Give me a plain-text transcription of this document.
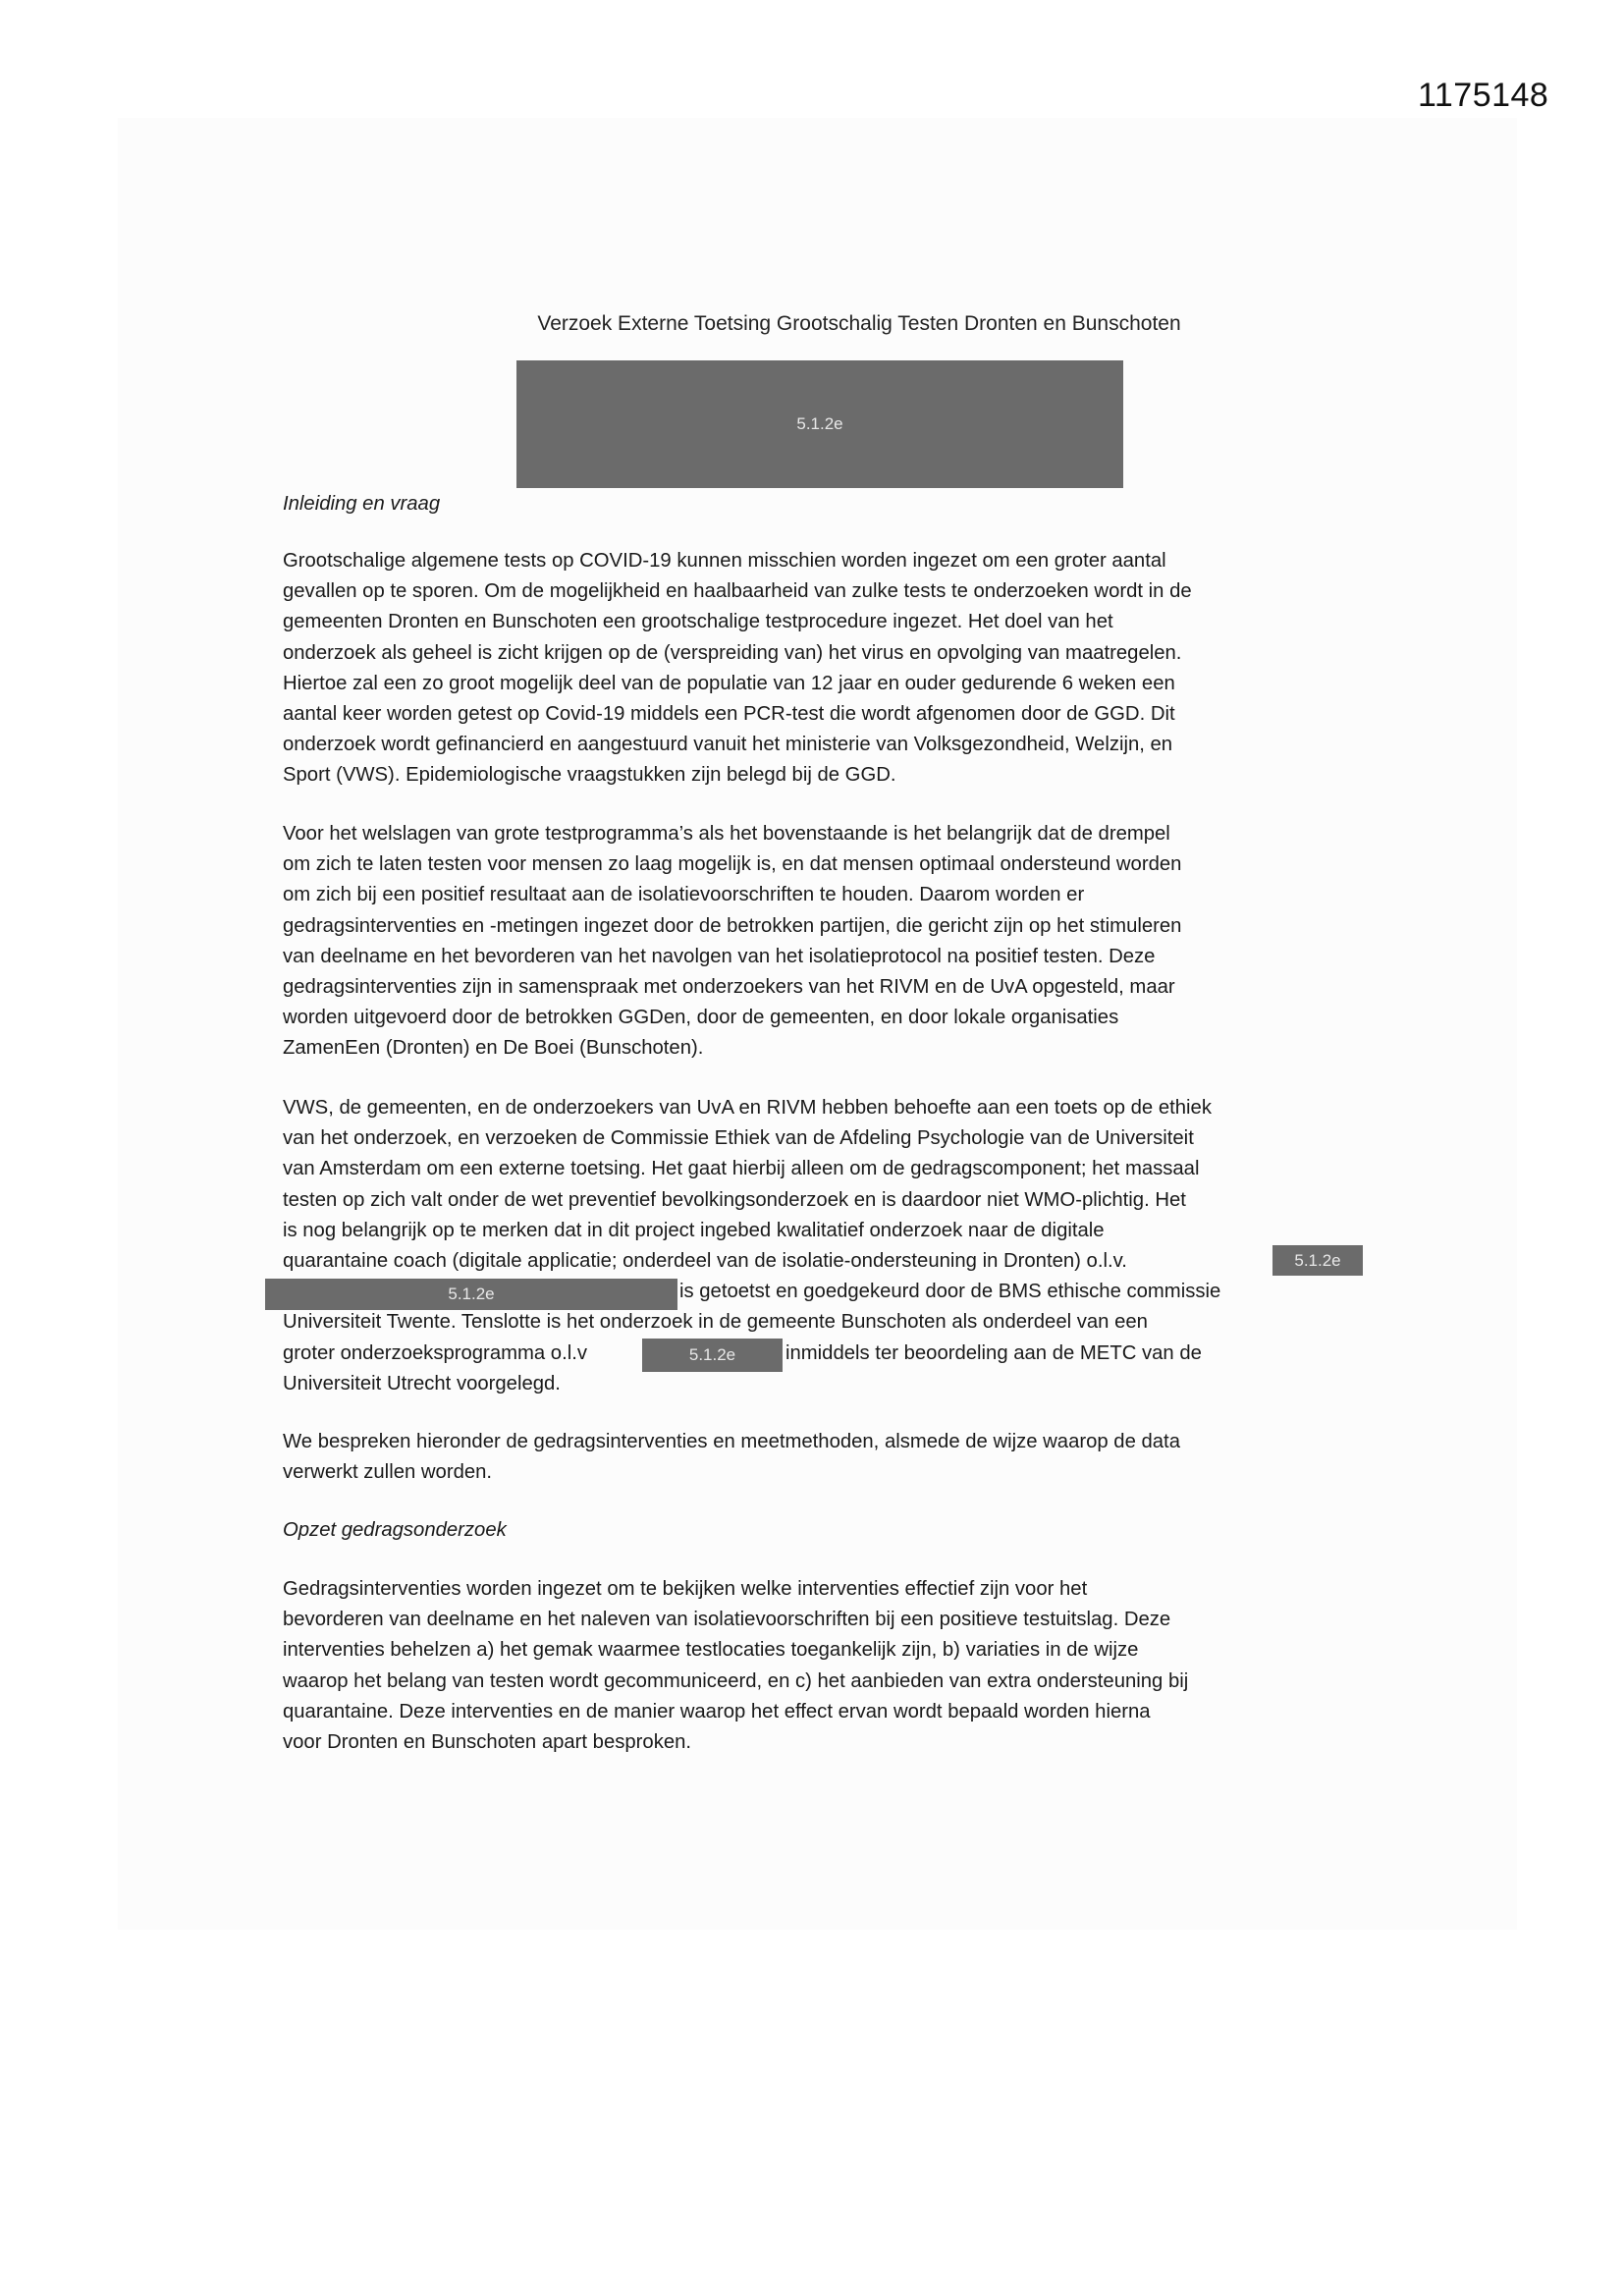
1175148
Verzoek Externe Toetsing Grootschalig Testen Dronten en Bunschoten
5.1.2e
Inleiding en vraag
Grootschalige algemene tests op COVID-19 kunnen misschien worden ingezet om een groter aantal
gevallen op te sporen. Om de mogelijkheid en haalbaarheid van zulke tests te onderzoeken wordt in de
gemeenten Dronten en Bunschoten een grootschalige testprocedure ingezet. Het doel van het
onderzoek als geheel is zicht krijgen op de (verspreiding van) het virus en opvolging van maatregelen.
Hiertoe zal een zo groot mogelijk deel van de populatie van 12 jaar en ouder gedurende 6 weken een
aantal keer worden getest op Covid-19 middels een PCR-test die wordt afgenomen door de GGD. Dit
onderzoek wordt gefinancierd en aangestuurd vanuit het ministerie van Volksgezondheid, Welzijn, en
Sport (VWS). Epidemiologische vraagstukken zijn belegd bij de GGD.
Voor het welslagen van grote testprogramma’s als het bovenstaande is het belangrijk dat de drempel
om zich te laten testen voor mensen zo laag mogelijk is, en dat mensen optimaal ondersteund worden
om zich bij een positief resultaat aan de isolatievoorschriften te houden. Daarom worden er
gedragsinterventies en -metingen ingezet door de betrokken partijen, die gericht zijn op het stimuleren
van deelname en het bevorderen van het navolgen van het isolatieprotocol na positief testen. Deze
gedragsinterventies zijn in samenspraak met onderzoekers van het RIVM en de UvA opgesteld, maar
worden uitgevoerd door de betrokken GGDen, door de gemeenten, en door lokale organisaties
ZamenEen (Dronten) en De Boei (Bunschoten).
VWS, de gemeenten, en de onderzoekers van UvA en RIVM hebben behoefte aan een toets op de ethiek
van het onderzoek, en verzoeken de Commissie Ethiek van de Afdeling Psychologie van de Universiteit
van Amsterdam om een externe toetsing. Het gaat hierbij alleen om de gedragscomponent; het massaal
testen op zich valt onder de wet preventief bevolkingsonderzoek en is daardoor niet WMO-plichtig. Het
is nog belangrijk op te merken dat in dit project ingebed kwalitatief onderzoek naar de digitale
quarantaine coach (digitale applicatie; onderdeel van de isolatie-ondersteuning in Dronten) o.l.v.
is getoetst en goedgekeurd door de BMS ethische commissie
Universiteit Twente. Tenslotte is het onderzoek in de gemeente Bunschoten als onderdeel van een
groter onderzoeksprogramma o.l.v	inmiddels ter beoordeling aan de METC van de
Universiteit Utrecht voorgelegd.
We bespreken hieronder de gedragsinterventies en meetmethoden, alsmede de wijze waarop de data
verwerkt zullen worden.
Gedragsinterventies worden ingezet om te bekijken welke interventies effectief zijn voor het
bevorderen van deelname en het naleven van isolatievoorschriften bij een positieve testuitslag. Deze
interventies behelzen a) het gemak waarmee testlocaties toegankelijk zijn, b) variaties in de wijze
waarop het belang van testen wordt gecommuniceerd, en c) het aanbieden van extra ondersteuning bij
quarantaine. Deze interventies en de manier waarop het effect ervan wordt bepaald worden hierna
voor Dronten en Bunschoten apart besproken.
5.1.2e
5.1.2e
5.1.2e
Opzet gedragsonderzoek
